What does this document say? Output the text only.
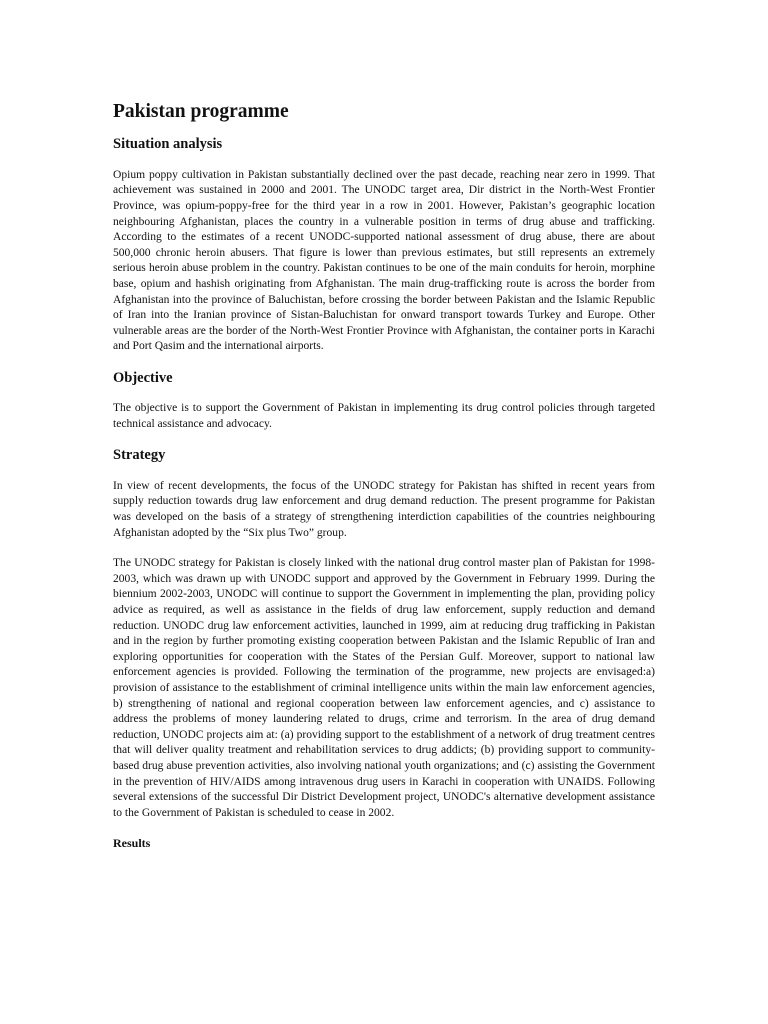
Pakistan programme
Situation analysis

Opium poppy cultivation in Pakistan substantially declined over the past decade, reaching near zero in 1999. That achievement was sustained in 2000 and 2001. The UNODC target area, Dir district in the North-West Frontier Province, was opium-poppy-free for the third year in a row in 2001. However, Pakistan’s geographic location neighbouring Afghanistan, places the country in a vulnerable position in terms of drug abuse and trafficking. According to the estimates of a recent UNODC-supported national assessment of drug abuse, there are about 500,000 chronic heroin abusers. That figure is lower than previous estimates, but still represents an extremely serious heroin abuse problem in the country. Pakistan continues to be one of the main conduits for heroin, morphine base, opium and hashish originating from Afghanistan. The main drug-trafficking route is across the border from Afghanistan into the province of Baluchistan, before crossing the border between Pakistan and the Islamic Republic of Iran into the Iranian province of Sistan-Baluchistan for onward transport towards Turkey and Europe. Other vulnerable areas are the border of the North-West Frontier Province with Afghanistan, the container ports in Karachi and Port Qasim and the international airports.

Objective

The objective is to support the Government of Pakistan in implementing its drug control policies through targeted technical assistance and advocacy.

Strategy

In view of recent developments, the focus of the UNODC strategy for Pakistan has shifted in recent years from supply reduction towards drug law enforcement and drug demand reduction. The present programme for Pakistan was developed on the basis of a strategy of strengthening interdiction capabilities of the countries neighbouring Afghanistan adopted by the “Six plus Two” group.

The UNODC strategy for Pakistan is closely linked with the national drug control master plan of Pakistan for 1998-2003, which was drawn up with UNODC support and approved by the Government in February 1999. During the biennium 2002-2003, UNODC will continue to support the Government in implementing the plan, providing policy advice as required, as well as assistance in the fields of drug law enforcement, supply reduction and demand reduction. UNODC drug law enforcement activities, launched in 1999, aim at reducing drug trafficking in Pakistan and in the region by further promoting existing cooperation between Pakistan and the Islamic Republic of Iran and exploring opportunities for cooperation with the States of the Persian Gulf. Moreover, support to national law enforcement agencies is provided. Following the termination of the programme, new projects are envisaged:a) provision of assistance to the establishment of criminal intelligence units within the main law enforcement agencies, b) strengthening of national and regional cooperation between law enforcement agencies, and c) assistance to address the problems of money laundering related to drugs, crime and terrorism. In the area of drug demand reduction, UNODC projects aim at: (a) providing support to the establishment of a network of drug treatment centres that will deliver quality treatment and rehabilitation services to drug addicts; (b) providing support to community-based drug abuse prevention activities, also involving national youth organizations; and (c) assisting the Government in the prevention of HIV/AIDS among intravenous drug users in Karachi in cooperation with UNAIDS. Following several extensions of the successful Dir District Development project, UNODC's alternative development assistance to the Government of Pakistan is scheduled to cease in 2002.

Results
